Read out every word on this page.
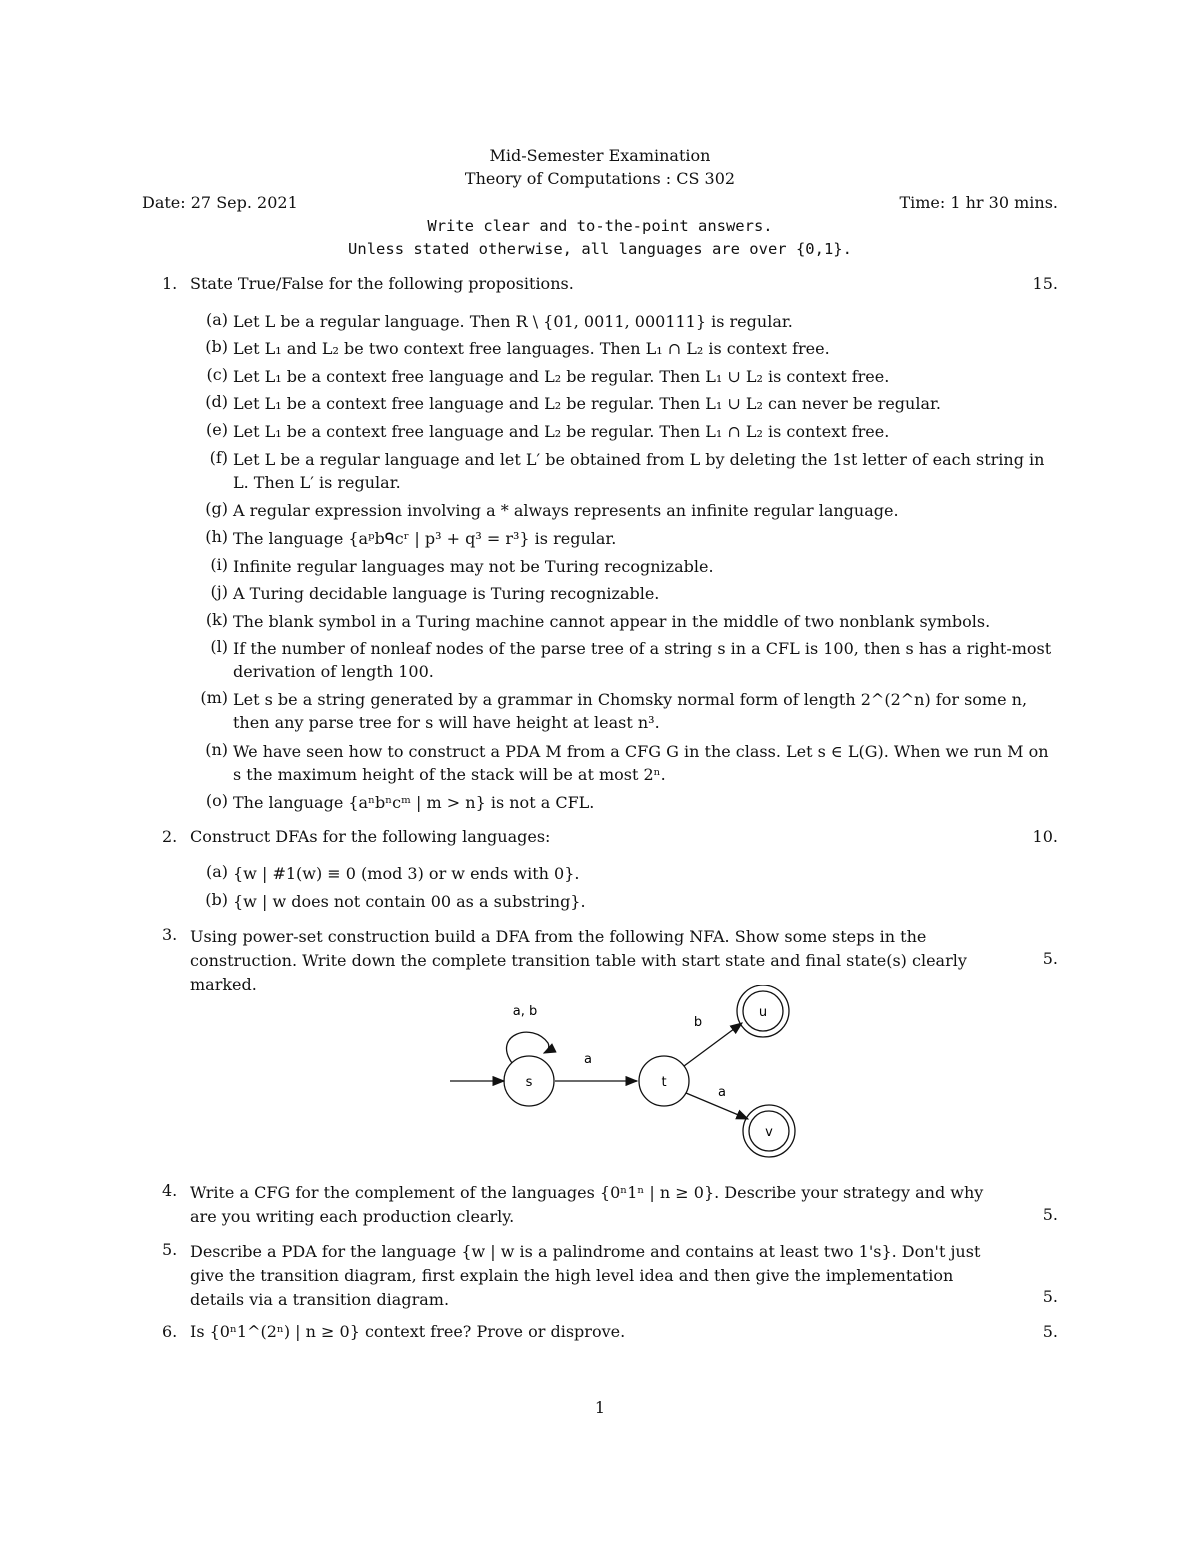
Mid-Semester Examination
Theory of Computations : CS 302
Date: 27 Sep. 2021	Time: 1 hr 30 mins.
Write clear and to-the-point answers.
Unless stated otherwise, all languages are over {0,1}.
1. State True/False for the following propositions.	15.
(a) Let L be a regular language. Then R \ {01, 0011, 000111} is regular.
(b) Let L₁ and L₂ be two context free languages. Then L₁ ∩ L₂ is context free.
(c) Let L₁ be a context free language and L₂ be regular. Then L₁ ∪ L₂ is context free.
(d) Let L₁ be a context free language and L₂ be regular. Then L₁ ∪ L₂ can never be regular.
(e) Let L₁ be a context free language and L₂ be regular. Then L₁ ∩ L₂ is context free.
(f) Let L be a regular language and let L′ be obtained from L by deleting the 1st letter of each string in L. Then L′ is regular.
(g) A regular expression involving a * always represents an infinite regular language.
(h) The language {aᵖbᑫcʳ | p³ + q³ = r³} is regular.
(i) Infinite regular languages may not be Turing recognizable.
(j) A Turing decidable language is Turing recognizable.
(k) The blank symbol in a Turing machine cannot appear in the middle of two nonblank symbols.
(l) If the number of nonleaf nodes of the parse tree of a string s in a CFL is 100, then s has a right-most derivation of length 100.
(m) Let s be a string generated by a grammar in Chomsky normal form of length 2^(2^n) for some n, then any parse tree for s will have height at least n³.
(n) We have seen how to construct a PDA M from a CFG G in the class. Let s ∈ L(G). When we run M on s the maximum height of the stack will be at most 2ⁿ.
(o) The language {aⁿbⁿcᵐ | m > n} is not a CFL.
2. Construct DFAs for the following languages:	10.
(a) {w | #1(w) ≡ 0 (mod 3) or w ends with 0}.
(b) {w | w does not contain 00 as a substring}.
3. Using power-set construction build a DFA from the following NFA. Show some steps in the construction. Write down the complete transition table with start state and final state(s) clearly marked.
5.
s
a, b
a
t
b
u
a
v
4. Write a CFG for the complement of the languages {0ⁿ1ⁿ | n ≥ 0}. Describe your strategy and why are you writing each production clearly.	5.
5. Describe a PDA for the language {w | w is a palindrome and contains at least two 1's}. Don't just give the transition diagram, first explain the high level idea and then give the implementation details via a transition diagram.	5.
6. Is {0ⁿ1^(2ⁿ) | n ≥ 0} context free? Prove or disprove.	5.
1
